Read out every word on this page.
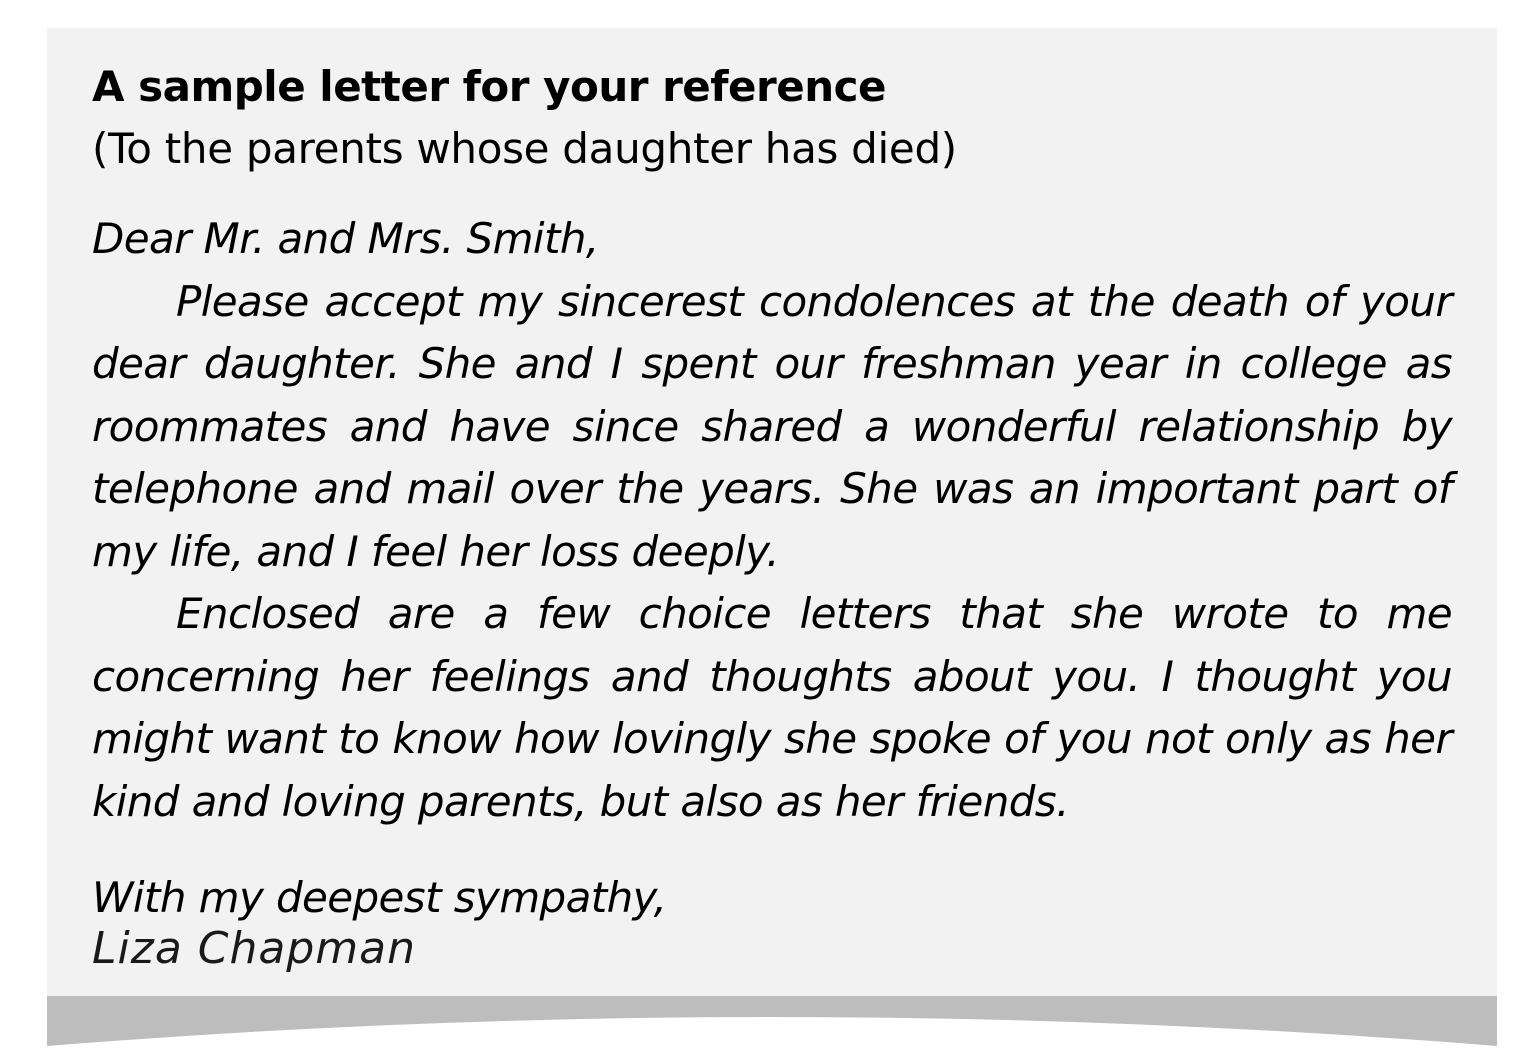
A sample letter for your reference

(To the parents whose daughter has died)

Dear Mr. and Mrs. Smith,

Please accept my sincerest condolences at the death of your dear daughter. She and I spent our freshman year in college as roommates and have since shared a wonderful relationship by telephone and mail over the years. She was an important part of my life, and I feel her loss deeply.

Enclosed are a few choice letters that she wrote to me concerning her feelings and thoughts about you. I thought you might want to know how lovingly she spoke of you not only as her kind and loving parents, but also as her friends.

With my deepest sympathy,
Liza Chapman
